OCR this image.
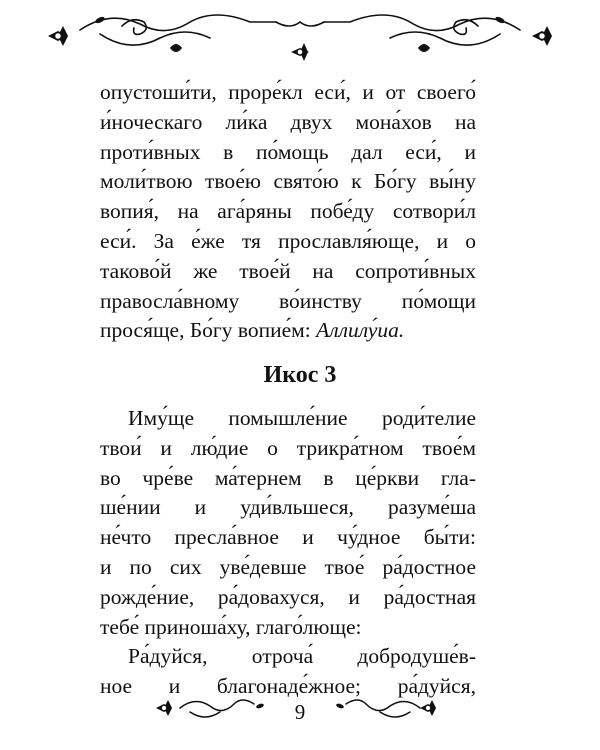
опустоши́ти, проре́кл еси́, и от своего́
и́ноческаго ли́ка двух мона́хов на
проти́вных в по́мощь дал еси́, и
моли́твою твое́ю свято́ю к Бо́гу вы́ну
вопия́, на ага́ряны побе́ду сотвори́л
еси́. За е́же тя прославля́юще, и о
таково́й же твое́й на сопроти́вных
правосла́вному во́инству по́мощи
прося́ще, Бо́гу вопие́м: Аллилу́иа.
Икос 3
Иму́ще помышле́ние роди́телие
твои́ и лю́дие о трикра́тном твое́м
во чре́ве ма́тернем в це́ркви гла-
ше́нии и уди́вльшеся, разуме́ша
не́что пресла́вное и чу́дное бы́ти:
и по сих уве́девше твое́ ра́достное
рожде́ние, ра́довахуся, и ра́достная
тебе́ приноша́ху, глаго́люще:
Ра́дуйся, отроча́ добродуше́в-
ное и благонаде́жное; ра́дуйся,
9
